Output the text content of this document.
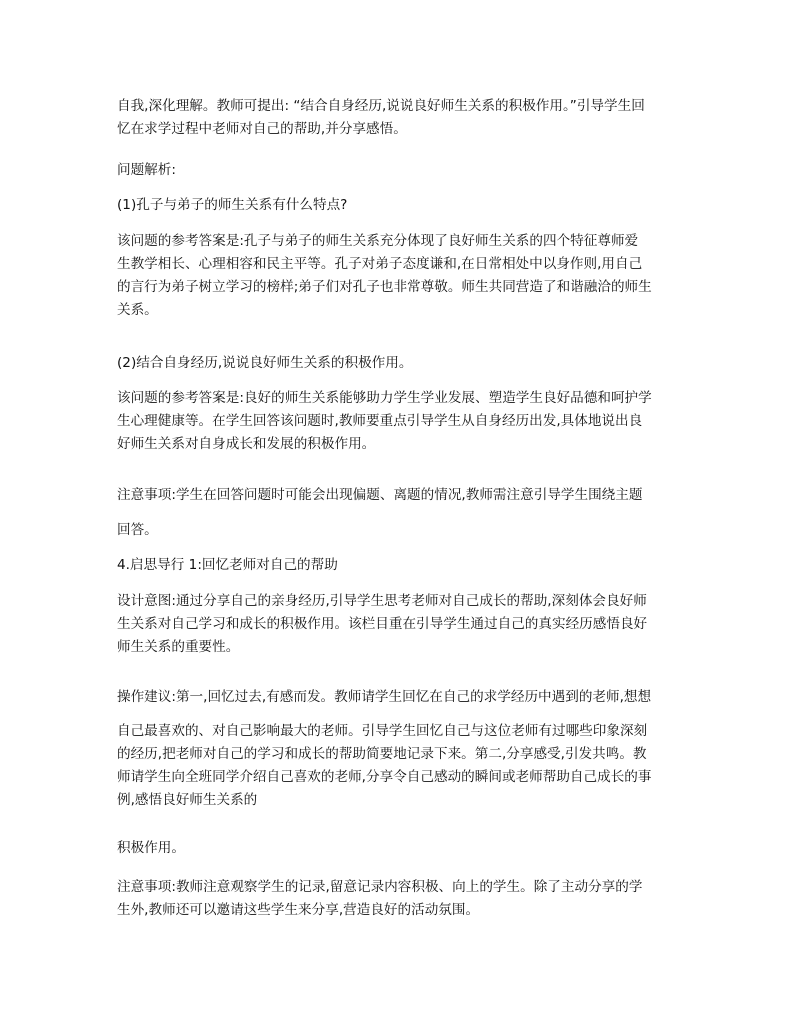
自我,深化理解。教师可提出: “结合自身经历,说说良好师生关系的积极作用。”引导学生回
忆在求学过程中老师对自己的帮助,并分享感悟。
问题解析:
(1)孔子与弟子的师生关系有什么特点?
该问题的参考答案是:孔子与弟子的师生关系充分体现了良好师生关系的四个特征尊师爱
生教学相长、心理相容和民主平等。孔子对弟子态度谦和,在日常相处中以身作则,用自己
的言行为弟子树立学习的榜样;弟子们对孔子也非常尊敬。师生共同营造了和谐融洽的师生
关系。
(2)结合自身经历,说说良好师生关系的积极作用。
该问题的参考答案是:良好的师生关系能够助力学生学业发展、塑造学生良好品德和呵护学
生心理健康等。在学生回答该问题时,教师要重点引导学生从自身经历出发,具体地说出良
好师生关系对自身成长和发展的积极作用。
注意事项:学生在回答问题时可能会出现偏题、离题的情况,教师需注意引导学生围绕主题
回答。
4.启思导行 1:回忆老师对自己的帮助
设计意图:通过分享自己的亲身经历,引导学生思考老师对自己成长的帮助,深刻体会良好师
生关系对自己学习和成长的积极作用。该栏目重在引导学生通过自己的真实经历感悟良好
师生关系的重要性。
操作建议:第一,回忆过去,有感而发。教师请学生回忆在自己的求学经历中遇到的老师,想想
自己最喜欢的、对自己影响最大的老师。引导学生回忆自己与这位老师有过哪些印象深刻
的经历,把老师对自己的学习和成长的帮助简要地记录下来。第二,分享感受,引发共鸣。教
师请学生向全班同学介绍自己喜欢的老师,分享令自己感动的瞬间或老师帮助自己成长的事
例,感悟良好师生关系的
积极作用。
注意事项:教师注意观察学生的记录,留意记录内容积极、向上的学生。除了主动分享的学
生外,教师还可以邀请这些学生来分享,营造良好的活动氛围。
